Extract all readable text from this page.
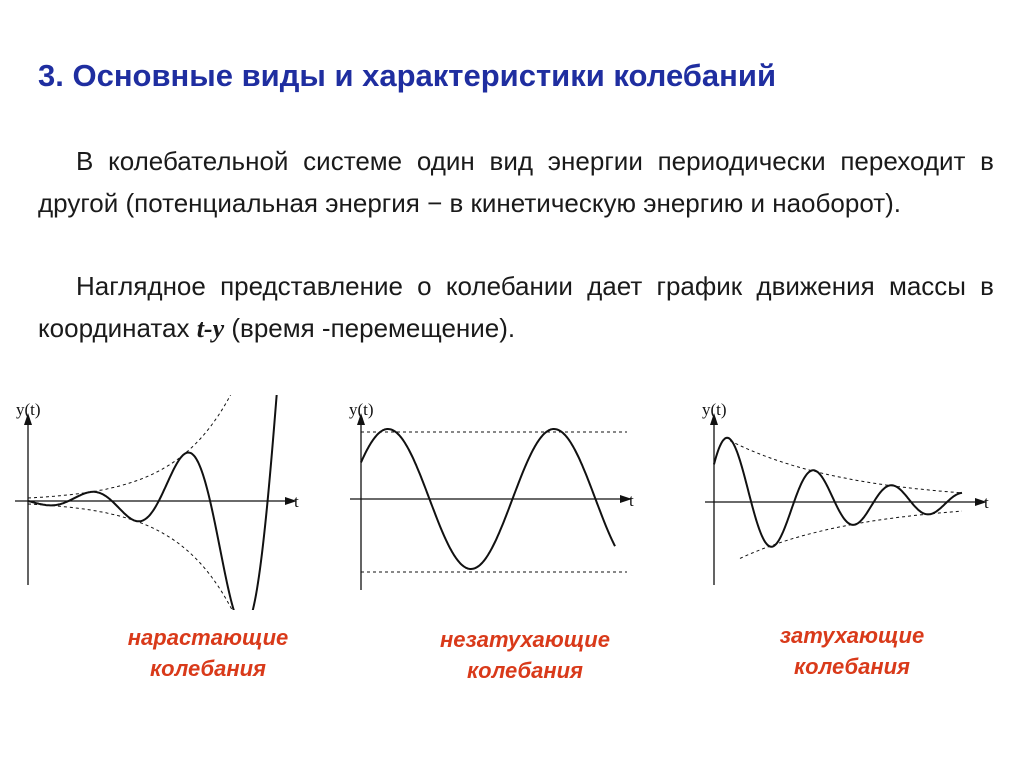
3. Основные виды и характеристики колебаний

В колебательной системе один вид энергии периодически переходит в другой (потенциальная энергия − в кинетическую энергию и наоборот).

Наглядное представление о колебании дает график движения массы в координатах t-y (время -перемещение).

y(t)
t
y(t)
t
y(t)
t
нарастающие
колебания
незатухающие
колебания
затухающие
колебания
